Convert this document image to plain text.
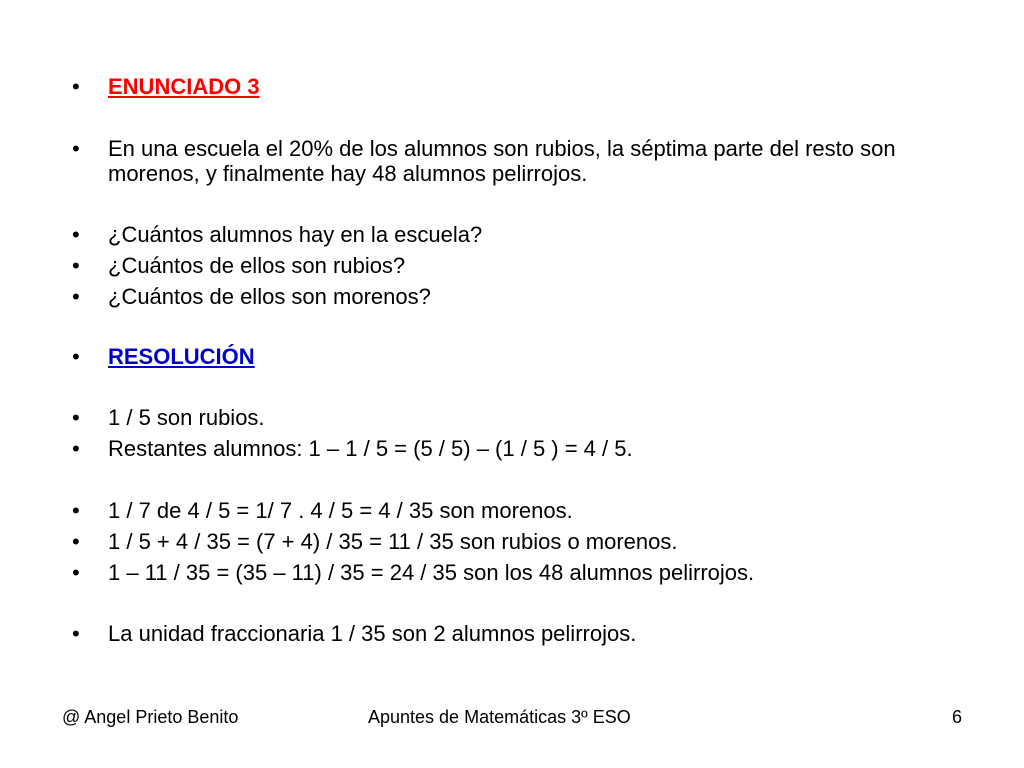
•	ENUNCIADO 3
•	En una escuela el 20% de los alumnos son rubios, la séptima parte del resto son morenos, y finalmente hay 48 alumnos pelirrojos.
•	¿Cuántos alumnos hay en la escuela?
•	¿Cuántos de ellos son rubios?
•	¿Cuántos de ellos son morenos?
•	RESOLUCIÓN
•	1 / 5 son rubios.
•	Restantes alumnos: 1 – 1 / 5 = (5 / 5) – (1 / 5 ) = 4 / 5.
•	1 / 7 de 4 / 5 = 1/ 7 . 4 / 5 = 4 / 35 son morenos.
•	1 / 5 + 4 / 35 = (7 + 4) / 35 = 11 / 35 son rubios o morenos.
•	1 – 11 / 35 = (35 – 11) / 35 = 24 / 35 son los 48 alumnos pelirrojos.
•	La unidad fraccionaria 1 / 35 son 2 alumnos pelirrojos.
@ Angel Prieto Benito	Apuntes de Matemáticas 3º ESO	6
